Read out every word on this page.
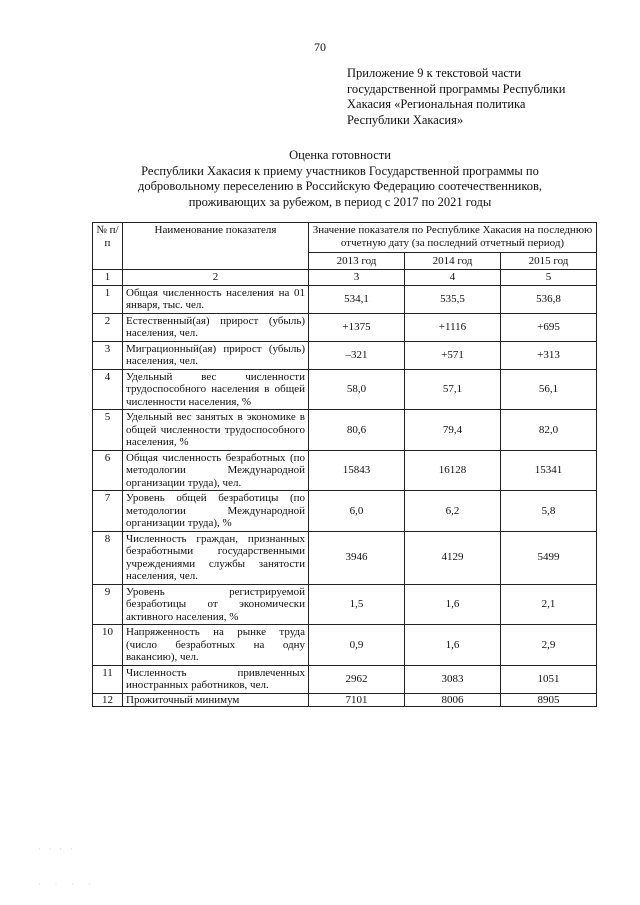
70
Приложение 9 к текстовой части
государственной программы Республики
Хакасия «Региональная политика
Республики Хакасия»
Оценка готовности
Республики Хакасия к приему участников Государственной программы по
добровольному переселению в Российскую Федерацию соотечественников,
проживающих за рубежом, в период с 2017 по 2021 годы
№ п/п	Наименование показателя	Значение показателя по Республике Хакасия на последнюю отчетную дату (за последний отчетный период)		
		2013 год	2014 год	2015 год
1	2	3	4	5
1	Общая численность населения на 01 января, тыс. чел.	534,1	535,5	536,8
2	Естественный(ая) прирост (убыль) населения, чел.	+1375	+1116	+695
3	Миграционный(ая) прирост (убыль) населения, чел.	–321	+571	+313
4	Удельный вес численности трудоспособного населения в общей численности населения, %	58,0	57,1	56,1
5	Удельный вес занятых в экономике в общей численности трудоспособного населения, %	80,6	79,4	82,0
6	Общая численность безработных (по методологии Международной организации труда), чел.	15843	16128	15341
7	Уровень общей безработицы (по методологии Международной организации труда), %	6,0	6,2	5,8
8	Численность граждан, признанных безработными государственными учреждениями службы занятости населения, чел.	3946	4129	5499
9	Уровень регистрируемой безработицы от экономически активного населения, %	1,5	1,6	2,1
10	Напряженность на рынке труда (число безработных на одну вакансию), чел.	0,9	1,6	2,9
11	Численность привлеченных иностранных работников, чел.	2962	3083	1051
12	Прожиточный минимум	7101	8006	8905
· · · ·
· · · ·
